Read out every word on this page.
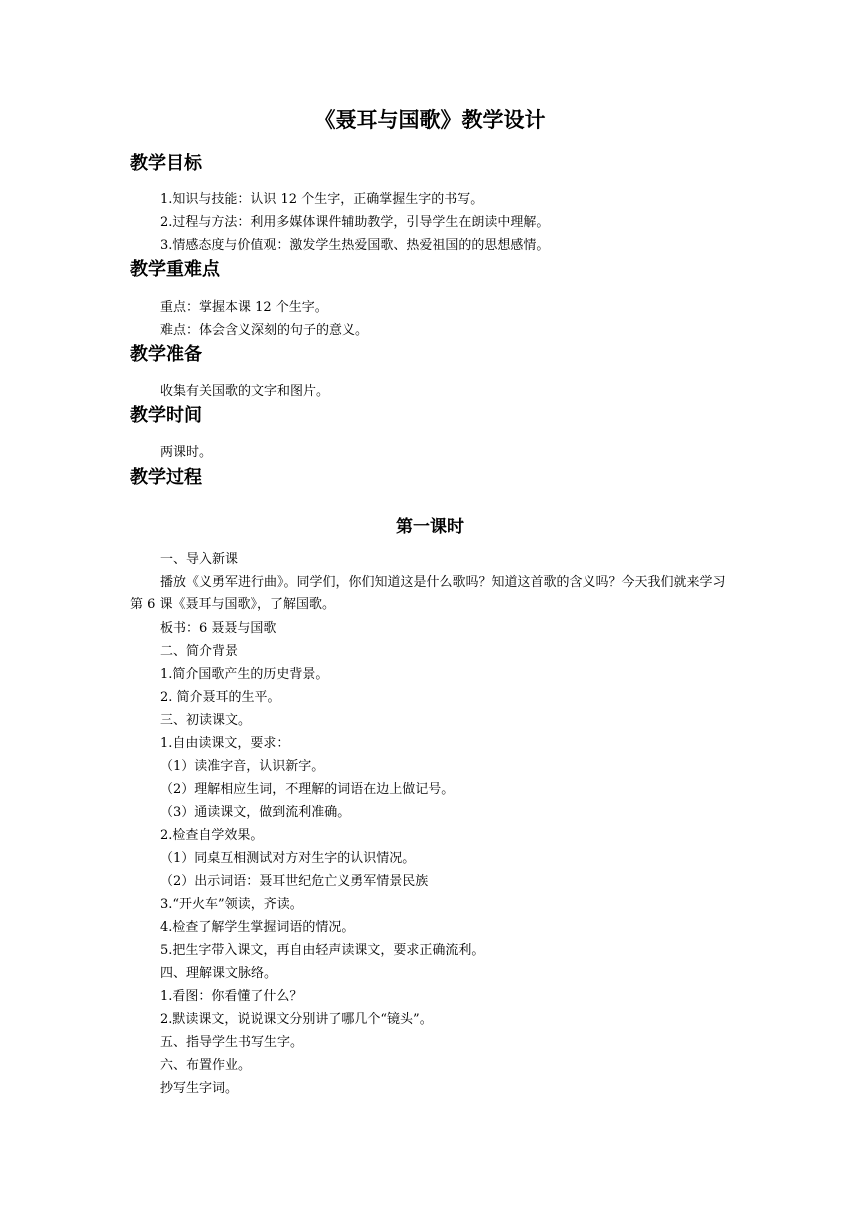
《聂耳与国歌》教学设计
教学目标
1.知识与技能：认识 12 个生字，正确掌握生字的书写。
2.过程与方法：利用多媒体课件辅助教学，引导学生在朗读中理解。
3.情感态度与价值观：激发学生热爱国歌、热爱祖国的的思想感情。
教学重难点
重点：掌握本课 12 个生字。
难点：体会含义深刻的句子的意义。
教学准备
收集有关国歌的文字和图片。
教学时间
两课时。
教学过程
第一课时
一、导入新课
播放《义勇军进行曲》。同学们，你们知道这是什么歌吗？知道这首歌的含义吗？今天我们就来学习第 6 课《聂耳与国歌》，了解国歌。
板书：6 聂聂与国歌
二、简介背景
1.简介国歌产生的历史背景。
2. 简介聂耳的生平。
三、初读课文。
1.自由读课文，要求：
（1）读准字音，认识新字。
（2）理解相应生词，不理解的词语在边上做记号。
（3）通读课文，做到流利准确。
2.检查自学效果。
（1）同桌互相测试对方对生字的认识情况。
（2）出示词语：聂耳世纪危亡义勇军情景民族
3.“开火车”领读，齐读。
4.检查了解学生掌握词语的情况。
5.把生字带入课文，再自由轻声读课文，要求正确流利。
四、理解课文脉络。
1.看图：你看懂了什么？
2.默读课文，说说课文分别讲了哪几个“镜头”。
五、指导学生书写生字。
六、布置作业。
抄写生字词。
